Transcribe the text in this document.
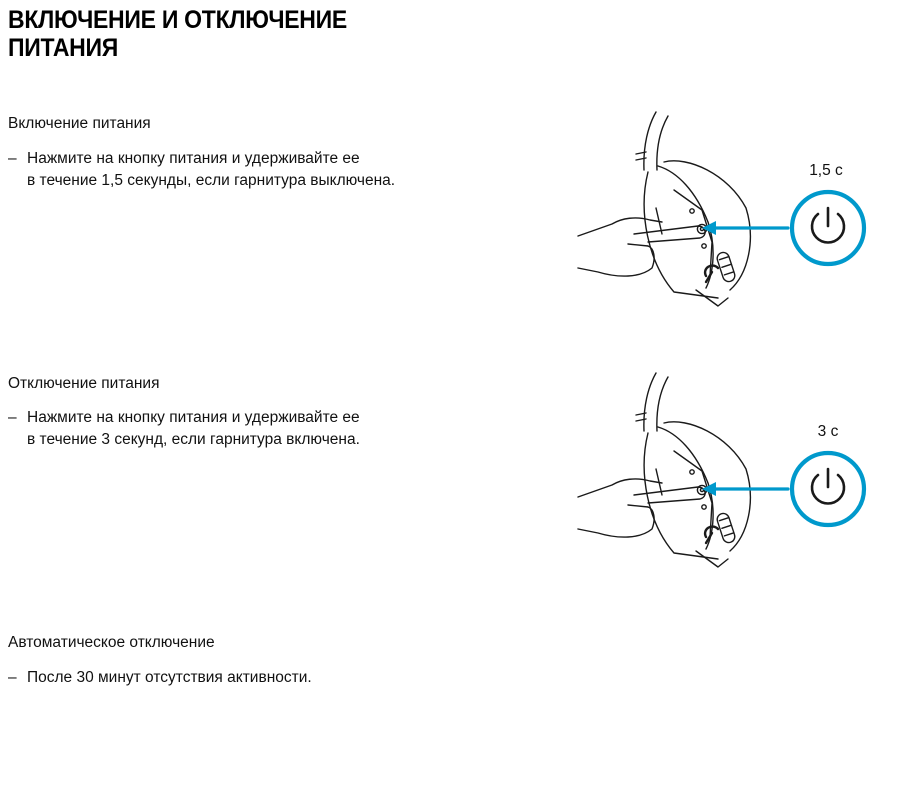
ВКЛЮЧЕНИЕ И ОТКЛЮЧЕНИЕ
ПИТАНИЯ
Включение питания
– Нажмите на кнопку питания и удерживайте ее
в течение 1,5 секунды, если гарнитура выключена.
1,5 с
Отключение питания
– Нажмите на кнопку питания и удерживайте ее
в течение 3 секунд, если гарнитура включена.	3 с
Автоматическое отключение
– После 30 минут отсутствия активности.
